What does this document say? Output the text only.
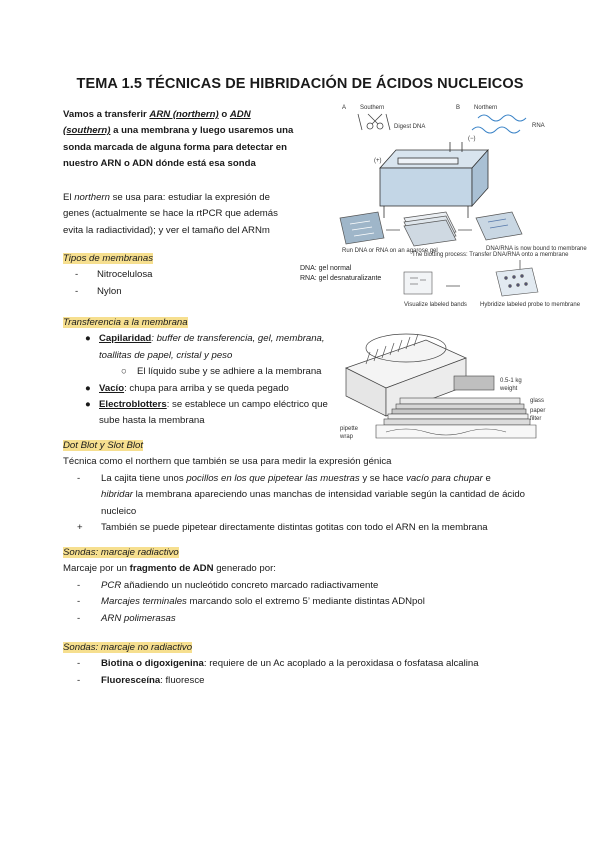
TEMA 1.5 TÉCNICAS DE HIBRIDACIÓN DE ÁCIDOS NUCLEICOS
Vamos a transferir ARN (northern) o ADN
(southern) a una membrana y luego usaremos una sonda marcada de alguna forma para detectar en nuestro ARN o ADN dónde está esa sonda
El northern se usa para: estudiar la expresión de genes (actualmente se hace la rtPCR que además evita la radiactividad); y ver el tamaño del ARNm
Tipos de membranas
- Nitrocelulosa
- Nylon
Transferencia a la membrana
● Capilaridad: buffer de transferencia, gel, membrana, toallitas de papel, cristal y peso
○ El líquido sube y se adhiere a la membrana
● Vacío: chupa para arriba y se queda pegado
● Electroblotters: se establece un campo eléctrico que sube hasta la membrana
Dot Blot y Slot Blot
Técnica como el northern que también se usa para medir la expresión génica
- La cajita tiene unos pocillos en los que pipetear las muestras y se hace vacío para chupar e hibridar la membrana apareciendo unas manchas de intensidad variable según la cantidad de ácido nucleico
+ También se puede pipetear directamente distintas gotitas con todo el ARN en la membrana
Sondas: marcaje radiactivo
Marcaje por un fragmento de ADN generado por:
- PCR añadiendo un nucleótido concreto marcado radiactivamente
- Marcajes terminales marcando solo el extremo 5’ mediante distintas ADNpol
- ARN polimerasas
Sondas: marcaje no radiactivo
- Biotina o digoxigenina: requiere de un Ac acoplado a la peroxidasa o fosfatasa alcalina
- Fluoresceína: fluoresce
A Southern	B Northern
Digest DNA	RNA
(+)
(−)
Run DNA or RNA on an agarose gel
The blotting process: Transfer DNA/RNA onto a membrane
DNA/RNA is now bound to membrane
Hybridize labeled probe to membrane
Visualize labeled bands
DNA: gel normal
RNA: gel desnaturalizante
0.5-1 kg
weight
glass
paper
filter
pipette
wrap
